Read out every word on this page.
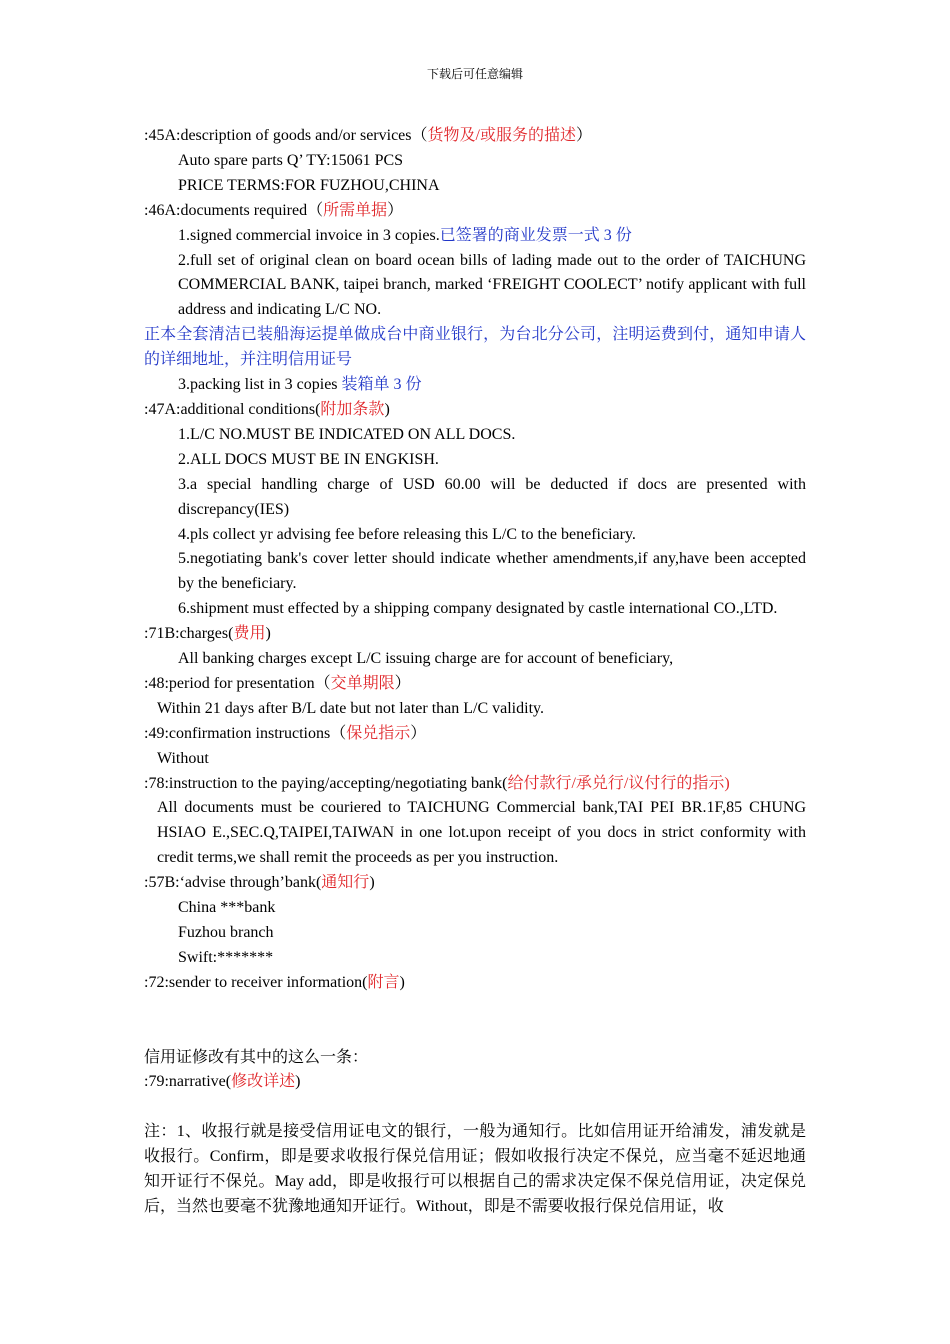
下载后可任意编辑

:45A:description of goods and/or services（货物及/或服务的描述）

Auto spare parts Q’ TY:15061 PCS

PRICE TERMS:FOR FUZHOU,CHINA

:46A:documents required（所需单据）

1.signed commercial invoice in 3 copies.已签署的商业发票一式 3 份

2.full set of original clean on board ocean bills of lading made out to the order of TAICHUNG COMMERCIAL BANK, taipei branch, marked ‘FREIGHT COOLECT’ notify applicant with full address and indicating L/C NO.

正本全套清洁已装船海运提单做成台中商业银行，为台北分公司，注明运费到付，通知申请人的详细地址，并注明信用证号

3.packing list in 3 copies 装箱单 3 份

:47A:additional conditions(附加条款)

1.L/C NO.MUST BE INDICATED ON ALL DOCS.

2.ALL DOCS MUST BE IN ENGKISH.

3.a special handling charge of USD 60.00 will be deducted if docs are presented with discrepancy(IES)

4.pls collect yr advising fee before releasing this L/C to the beneficiary.

5.negotiating bank's cover letter should indicate whether amendments,if any,have been accepted by the beneficiary.

6.shipment must effected by a shipping company designated by castle international CO.,LTD.

:71B:charges(费用)

All banking charges except L/C issuing charge are for account of beneficiary,

:48:period for presentation（交单期限）

Within 21 days after B/L date but not later than L/C validity.

:49:confirmation instructions（保兑指示）

Without

:78:instruction to the paying/accepting/negotiating bank(给付款行/承兑行/议付行的指示)

All documents must be couriered to TAICHUNG Commercial bank,TAI PEI BR.1F,85 CHUNG HSIAO E.,SEC.Q,TAIPEI,TAIWAN in one lot.upon receipt of you docs in strict conformity with credit terms,we shall remit the proceeds as per you instruction.

:57B:‘advise through’bank(通知行)

China ***bank

Fuzhou branch

Swift:*******

:72:sender to receiver information(附言)

信用证修改有其中的这么一条：

:79:narrative(修改详述)

注：1、收报行就是接受信用证电文的银行，一般为通知行。比如信用证开给浦发，浦发就是收报行。Confirm，即是要求收报行保兑信用证；假如收报行决定不保兑，应当毫不延迟地通知开证行不保兑。May add，即是收报行可以根据自己的需求决定保不保兑信用证，决定保兑后，当然也要毫不犹豫地通知开证行。Without，即是不需要收报行保兑信用证，收
